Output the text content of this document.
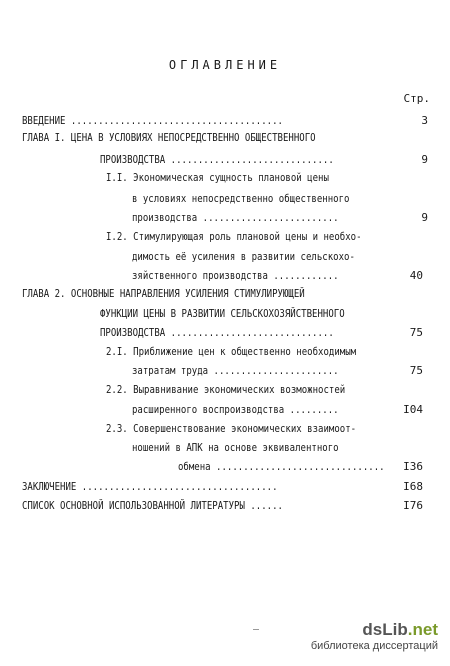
ОГЛАВЛЕНИЕ
Стр.
ВВЕДЕНИЕ .......................................	3
ГЛАВА I. ЦЕНА В УСЛОВИЯХ НЕПОСРЕДСТВЕННО ОБЩЕСТВЕННОГО
ПРОИЗВОДСТВА ..............................	9
I.I. Экономическая сущность плановой цены
в условиях непосредственно общественного
производства .........................	9
I.2. Стимулирующая роль плановой цены и необхо-
димость её усиления в развитии сельскохо-
зяйственного производства ............	40
ГЛАВА 2. ОСНОВНЫЕ НАПРАВЛЕНИЯ УСИЛЕНИЯ СТИМУЛИРУЮЩЕЙ
ФУНКЦИИ ЦЕНЫ В РАЗВИТИИ СЕЛЬСКОХОЗЯЙСТВЕННОГО
ПРОИЗВОДСТВА ..............................	75
2.I. Приближение цен к общественно необходимым
затратам труда .......................	75
2.2. Выравнивание экономических возможностей
расширенного воспроизводства .........	I04
2.3. Совершенствование экономических взаимоот-
ношений в АПК на основе эквивалентного
обмена ...............................	I36
ЗАКЛЮЧЕНИЕ ....................................	I68
СПИСОК ОСНОВНОЙ ИСПОЛЬЗОВАННОЙ ЛИТЕРАТУРЫ ......	I76
dsLib.net
библиотека диссертаций
